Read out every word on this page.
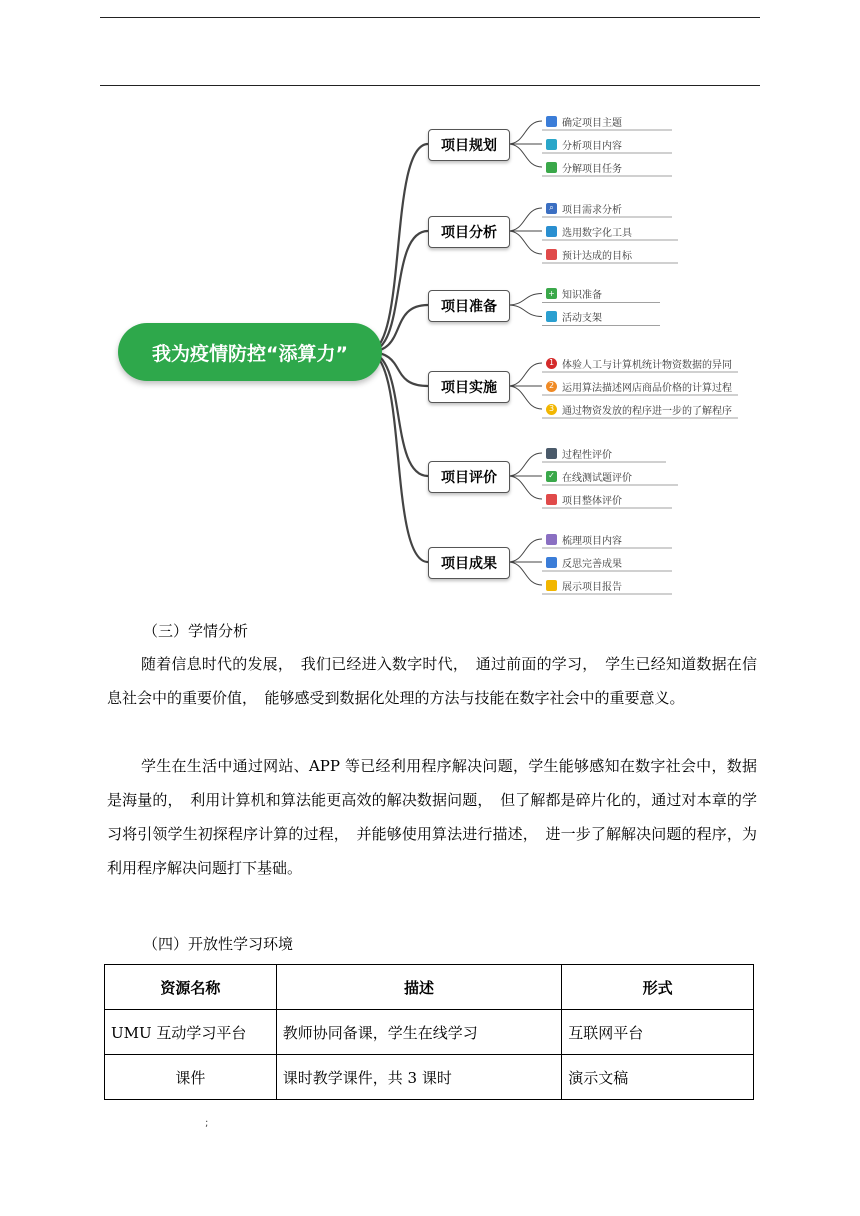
我为疫情防控“添算力”
项目规划
确定项目主题
分析项目内容
分解项目任务
项目分析
⌕ 项目需求分析
选用数字化工具
预计达成的目标
项目准备
+ 知识准备
活动支架
项目实施
1 体验人工与计算机统计物资数据的异同
2 运用算法描述网店商品价格的计算过程
3 通过物资发放的程序进一步的了解程序
项目评价
过程性评价
✓ 在线测试题评价
项目整体评价
项目成果
梳理项目内容
反思完善成果
展示项目报告
（三）学情分析
随着信息时代的发展，　我们已经进入数字时代，　通过前面的学习，　学生已经知道数据在信息社会中的重要价值，　能够感受到数据化处理的方法与技能在数字社会中的重要意义。
学生在生活中通过网站、APP 等已经利用程序解决问题，学生能够感知在数字社会中，数据是海量的，　利用计算机和算法能更高效的解决数据问题，　但了解都是碎片化的，通过对本章的学习将引领学生初探程序计算的过程，　并能够使用算法进行描述，　进一步了解解决问题的程序，为利用程序解决问题打下基础。
（四）开放性学习环境
资源名称	描述	形式
UMU 互动学习平台	教师协同备课，学生在线学习	互联网平台
课件	课时教学课件，共 3 课时	演示文稿
;
